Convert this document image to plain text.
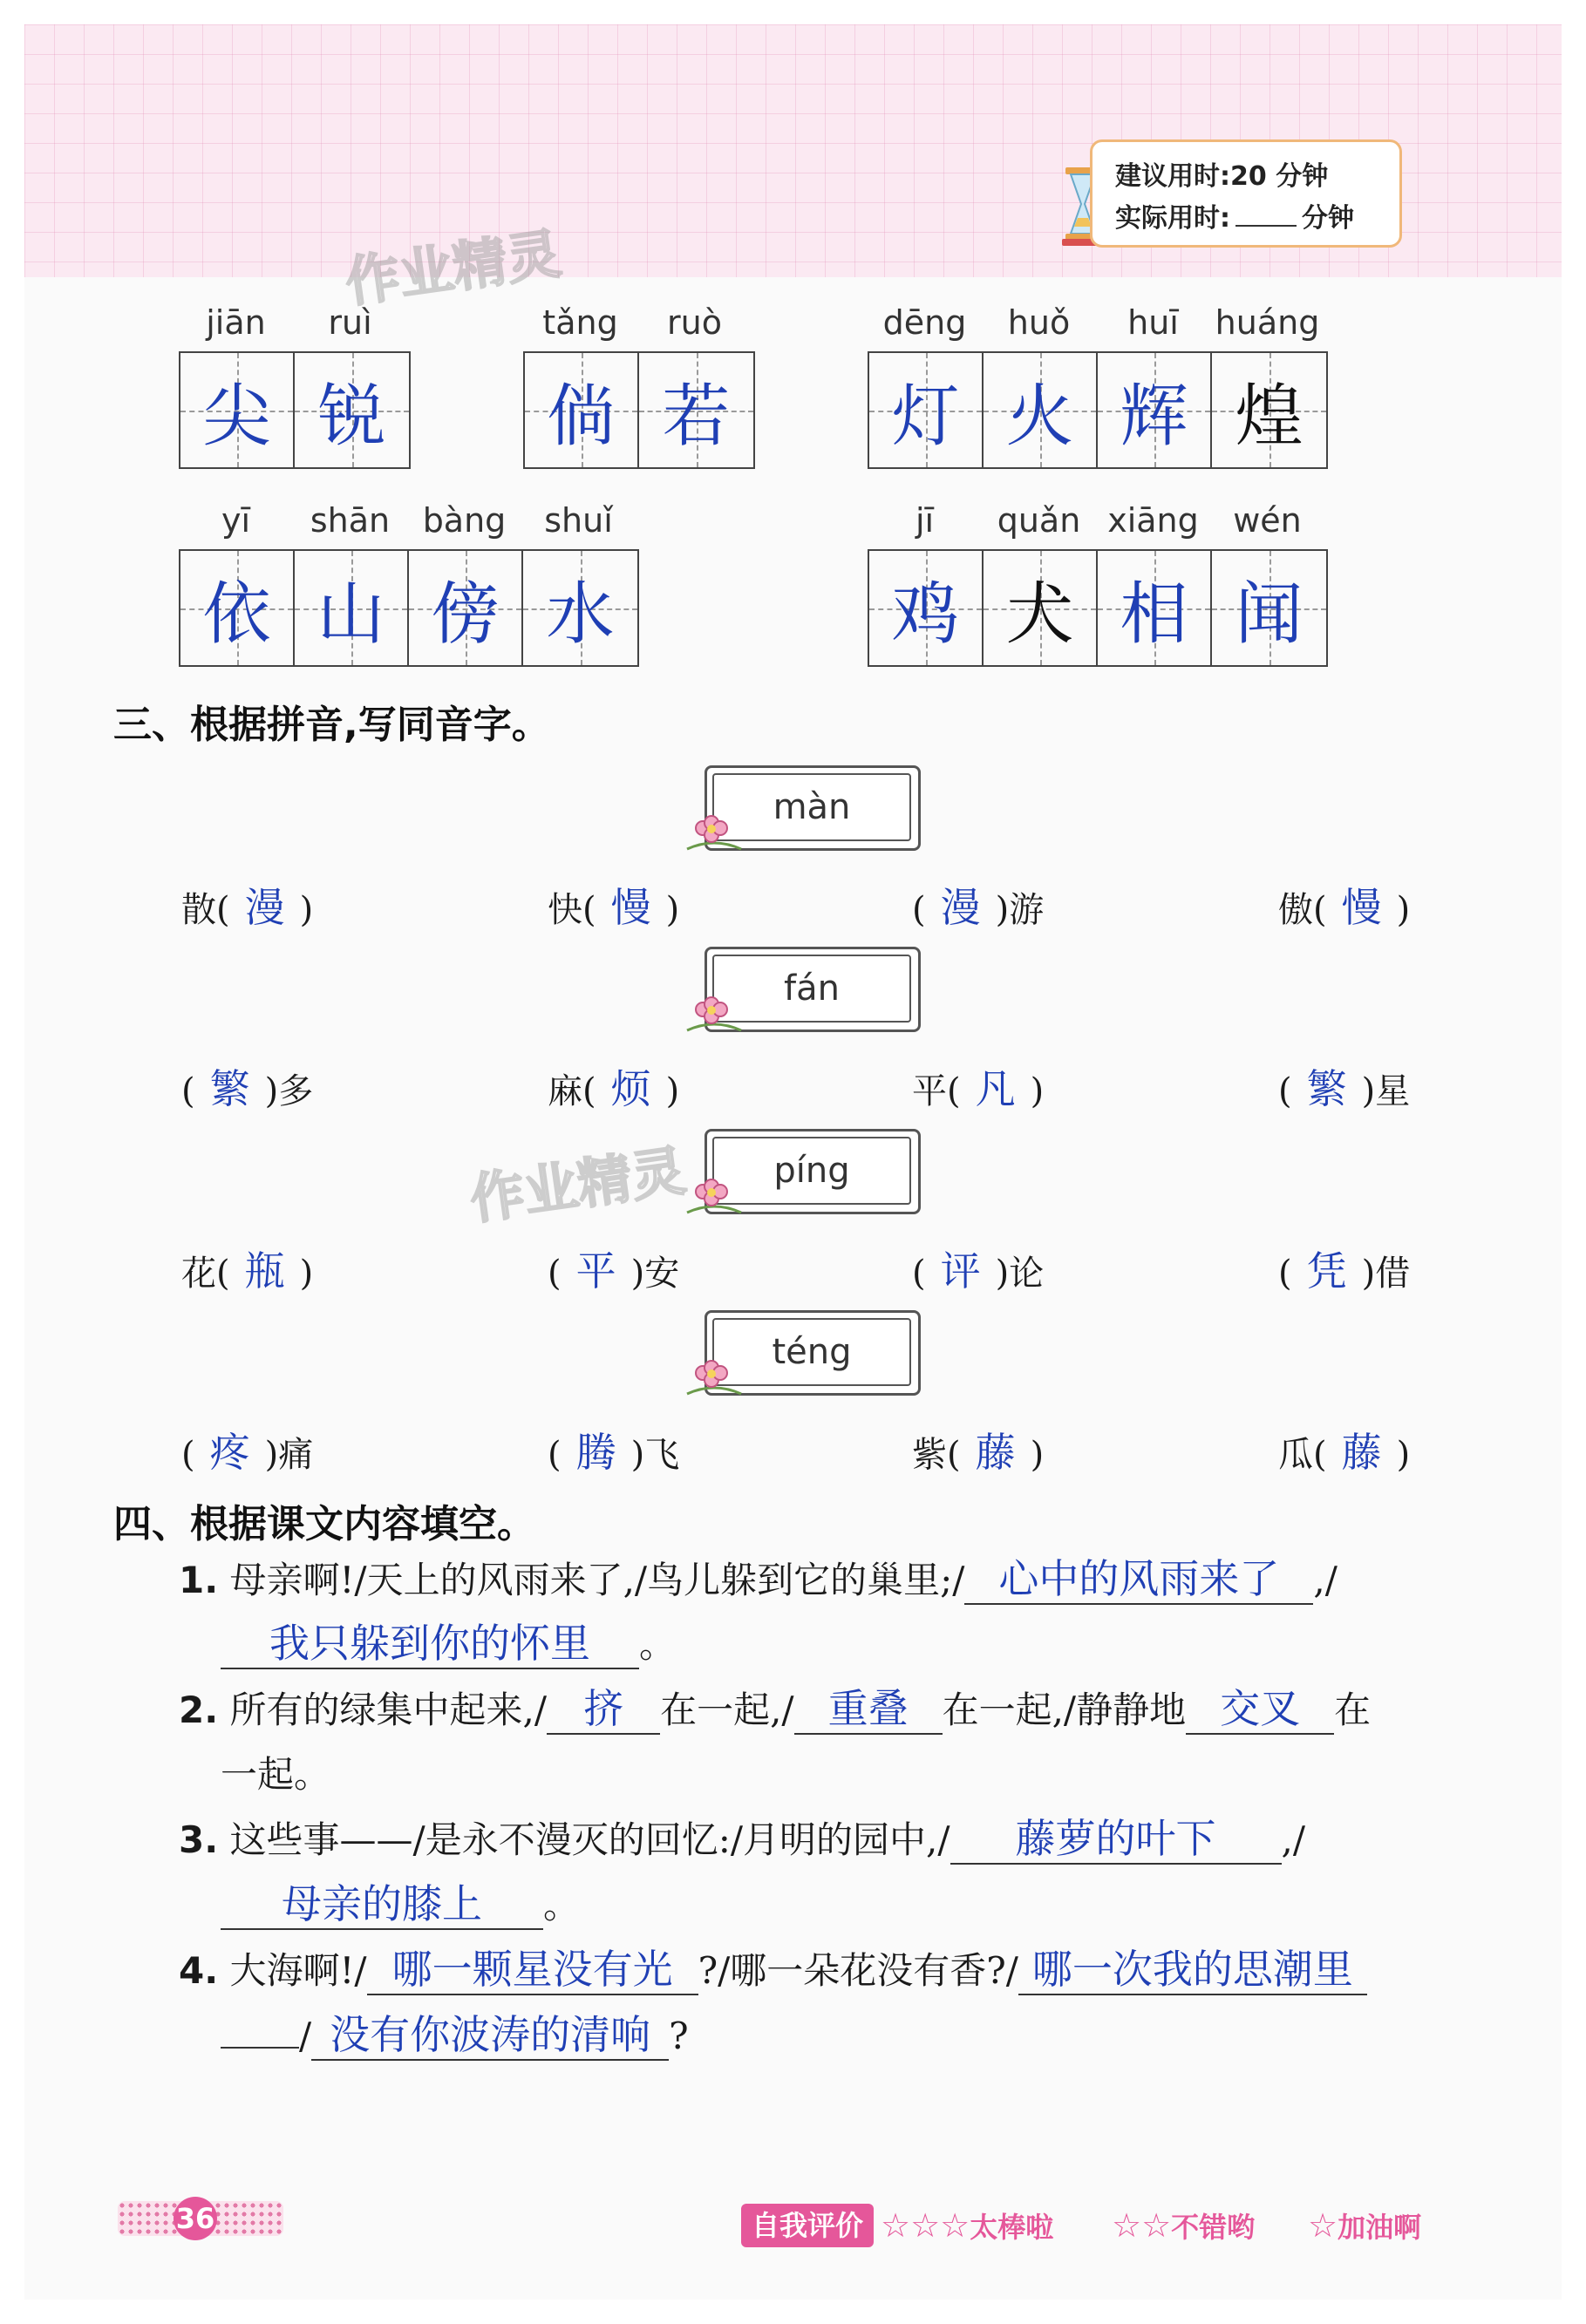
建议用时:20 分钟
实际用时:	分钟
作业精灵
作业精灵
jiān	ruì
尖 锐
tǎng	ruò
倘 若
dēng	huǒ	huī	huáng
灯 火 辉 煌
yī	shān bàng	shuǐ
依 山 傍 水
jī	quǎn xiāng	wén
鸡 犬 相 闻
三、根据拼音,写同音字。
màn
散( 漫 )	快( 慢 )	( 漫 )游	傲( 慢 )
fán
( 繁 )多	麻( 烦 )	平( 凡 )	( 繁 )星
píng
花( 瓶 )	( 平 )安	( 评 )论	( 凭 )借
téng
( 疼 )痛	( 腾 )飞	紫( 藤 )	瓜( 藤 )
四、根据课文内容填空。
1. 母亲啊!/天上的风雨来了,/鸟儿躲到它的巢里;/ 心中的风雨来了 ,/
我只躲到你的怀里 。
2. 所有的绿集中起来,/ 挤 在一起,/ 重叠 在一起,/静静地 交叉 在
一起。
3. 这些事——/是永不漫灭的回忆:/月明的园中,/ 藤萝的叶下 ,/
母亲的膝上 。
4. 大海啊!/ 哪一颗星没有光 ?/哪一朵花没有香?/ 哪一次我的思潮里
/ 没有你波涛的清响 ?
36	自我评价 ☆☆☆太棒啦 ☆☆不错哟 ☆加油啊
